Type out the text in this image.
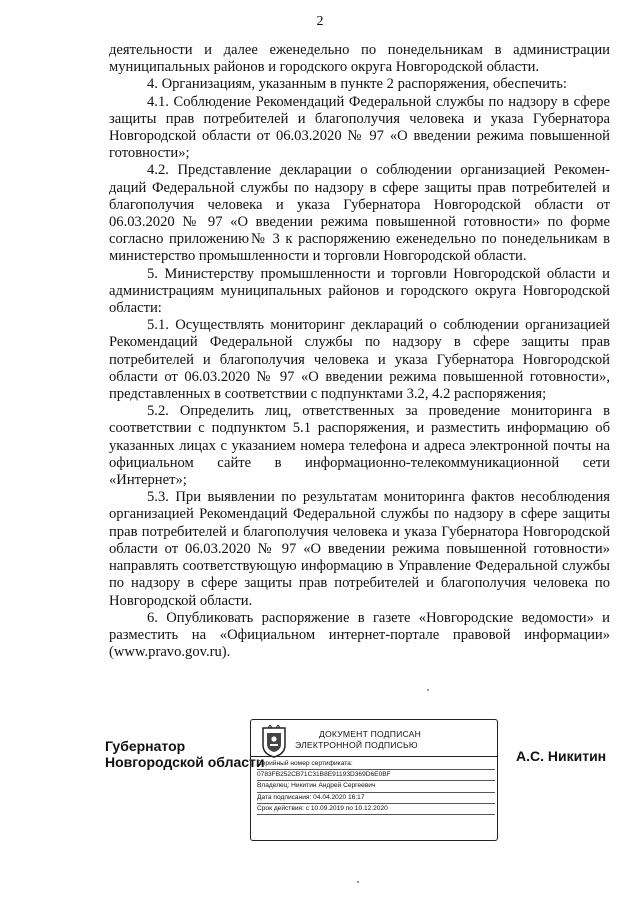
2

деятельности и далее еженедельно по понедельникам в администрации муниципальных районов и городского округа Новгородской области.

4. Организациям, указанным в пункте 2 распоряжения, обеспечить:

4.1. Соблюдение Рекомендаций Федеральной службы по надзору в сфере защиты прав потребителей и благополучия человека и указа Губернатора Новгородской области от 06.03.2020 № 97 «О введении режима повышенной готовности»;

4.2. Представление декларации о соблюдении организацией Рекомендаций Федеральной службы по надзору в сфере защиты прав потребителей и благополучия человека и указа Губернатора Новгородской области от 06.03.2020 № 97 «О введении режима повышенной готовности» по форме согласно приложению№ 3 к распоряжению еженедельно по понедельникам в министерство промышленности и торговли Новгородской области.

5. Министерству промышленности и торговли Новгородской области и администрациям муниципальных районов и городского округа Новгородской области:

5.1. Осуществлять мониторинг деклараций о соблюдении организацией Рекомендаций Федеральной службы по надзору в сфере защиты прав потребителей и благополучия человека и указа Губернатора Новгородской области от 06.03.2020 № 97 «О введении режима повышенной готовности», представленных в соответствии с подпунктами 3.2, 4.2 распоряжения;

5.2. Определить лиц, ответственных за проведение мониторинга в соответствии с подпунктом 5.1 распоряжения, и разместить информацию об указанных лицах с указанием номера телефона и адреса электронной почты на официальном сайте в информационно-телекоммуникационной сети «Интернет»;

5.3. При выявлении по результатам мониторинга фактов несоблюдения организацией Рекомендаций Федеральной службы по надзору в сфере защиты прав потребителей и благополучия человека и указа Губернатора Новгородской области от 06.03.2020 № 97 «О введении режима повышенной готовности» направлять соответствующую информацию в Управление Федеральной службы по надзору в сфере защиты прав потребителей и благополучия человека по Новгородской области.

6. Опубликовать распоряжение в газете «Новгородские ведомости» и разместить на «Официальном интернет-портале правовой информации» (www.pravo.gov.ru).

Губернатор
Новгородской области
ДОКУМЕНТ ПОДПИСАН
ЭЛЕКТРОННОЙ ПОДПИСЬЮ
Серийный номер сертификата:
0783FB252CB71C31B8E91193D369D6E0BF
Владелец: Никитин Андрей Сергеевич
Дата подписания: 04.04.2020 16:17
Срок действия: с 10.09.2019 по 10.12.2020
А.С. Никитин
